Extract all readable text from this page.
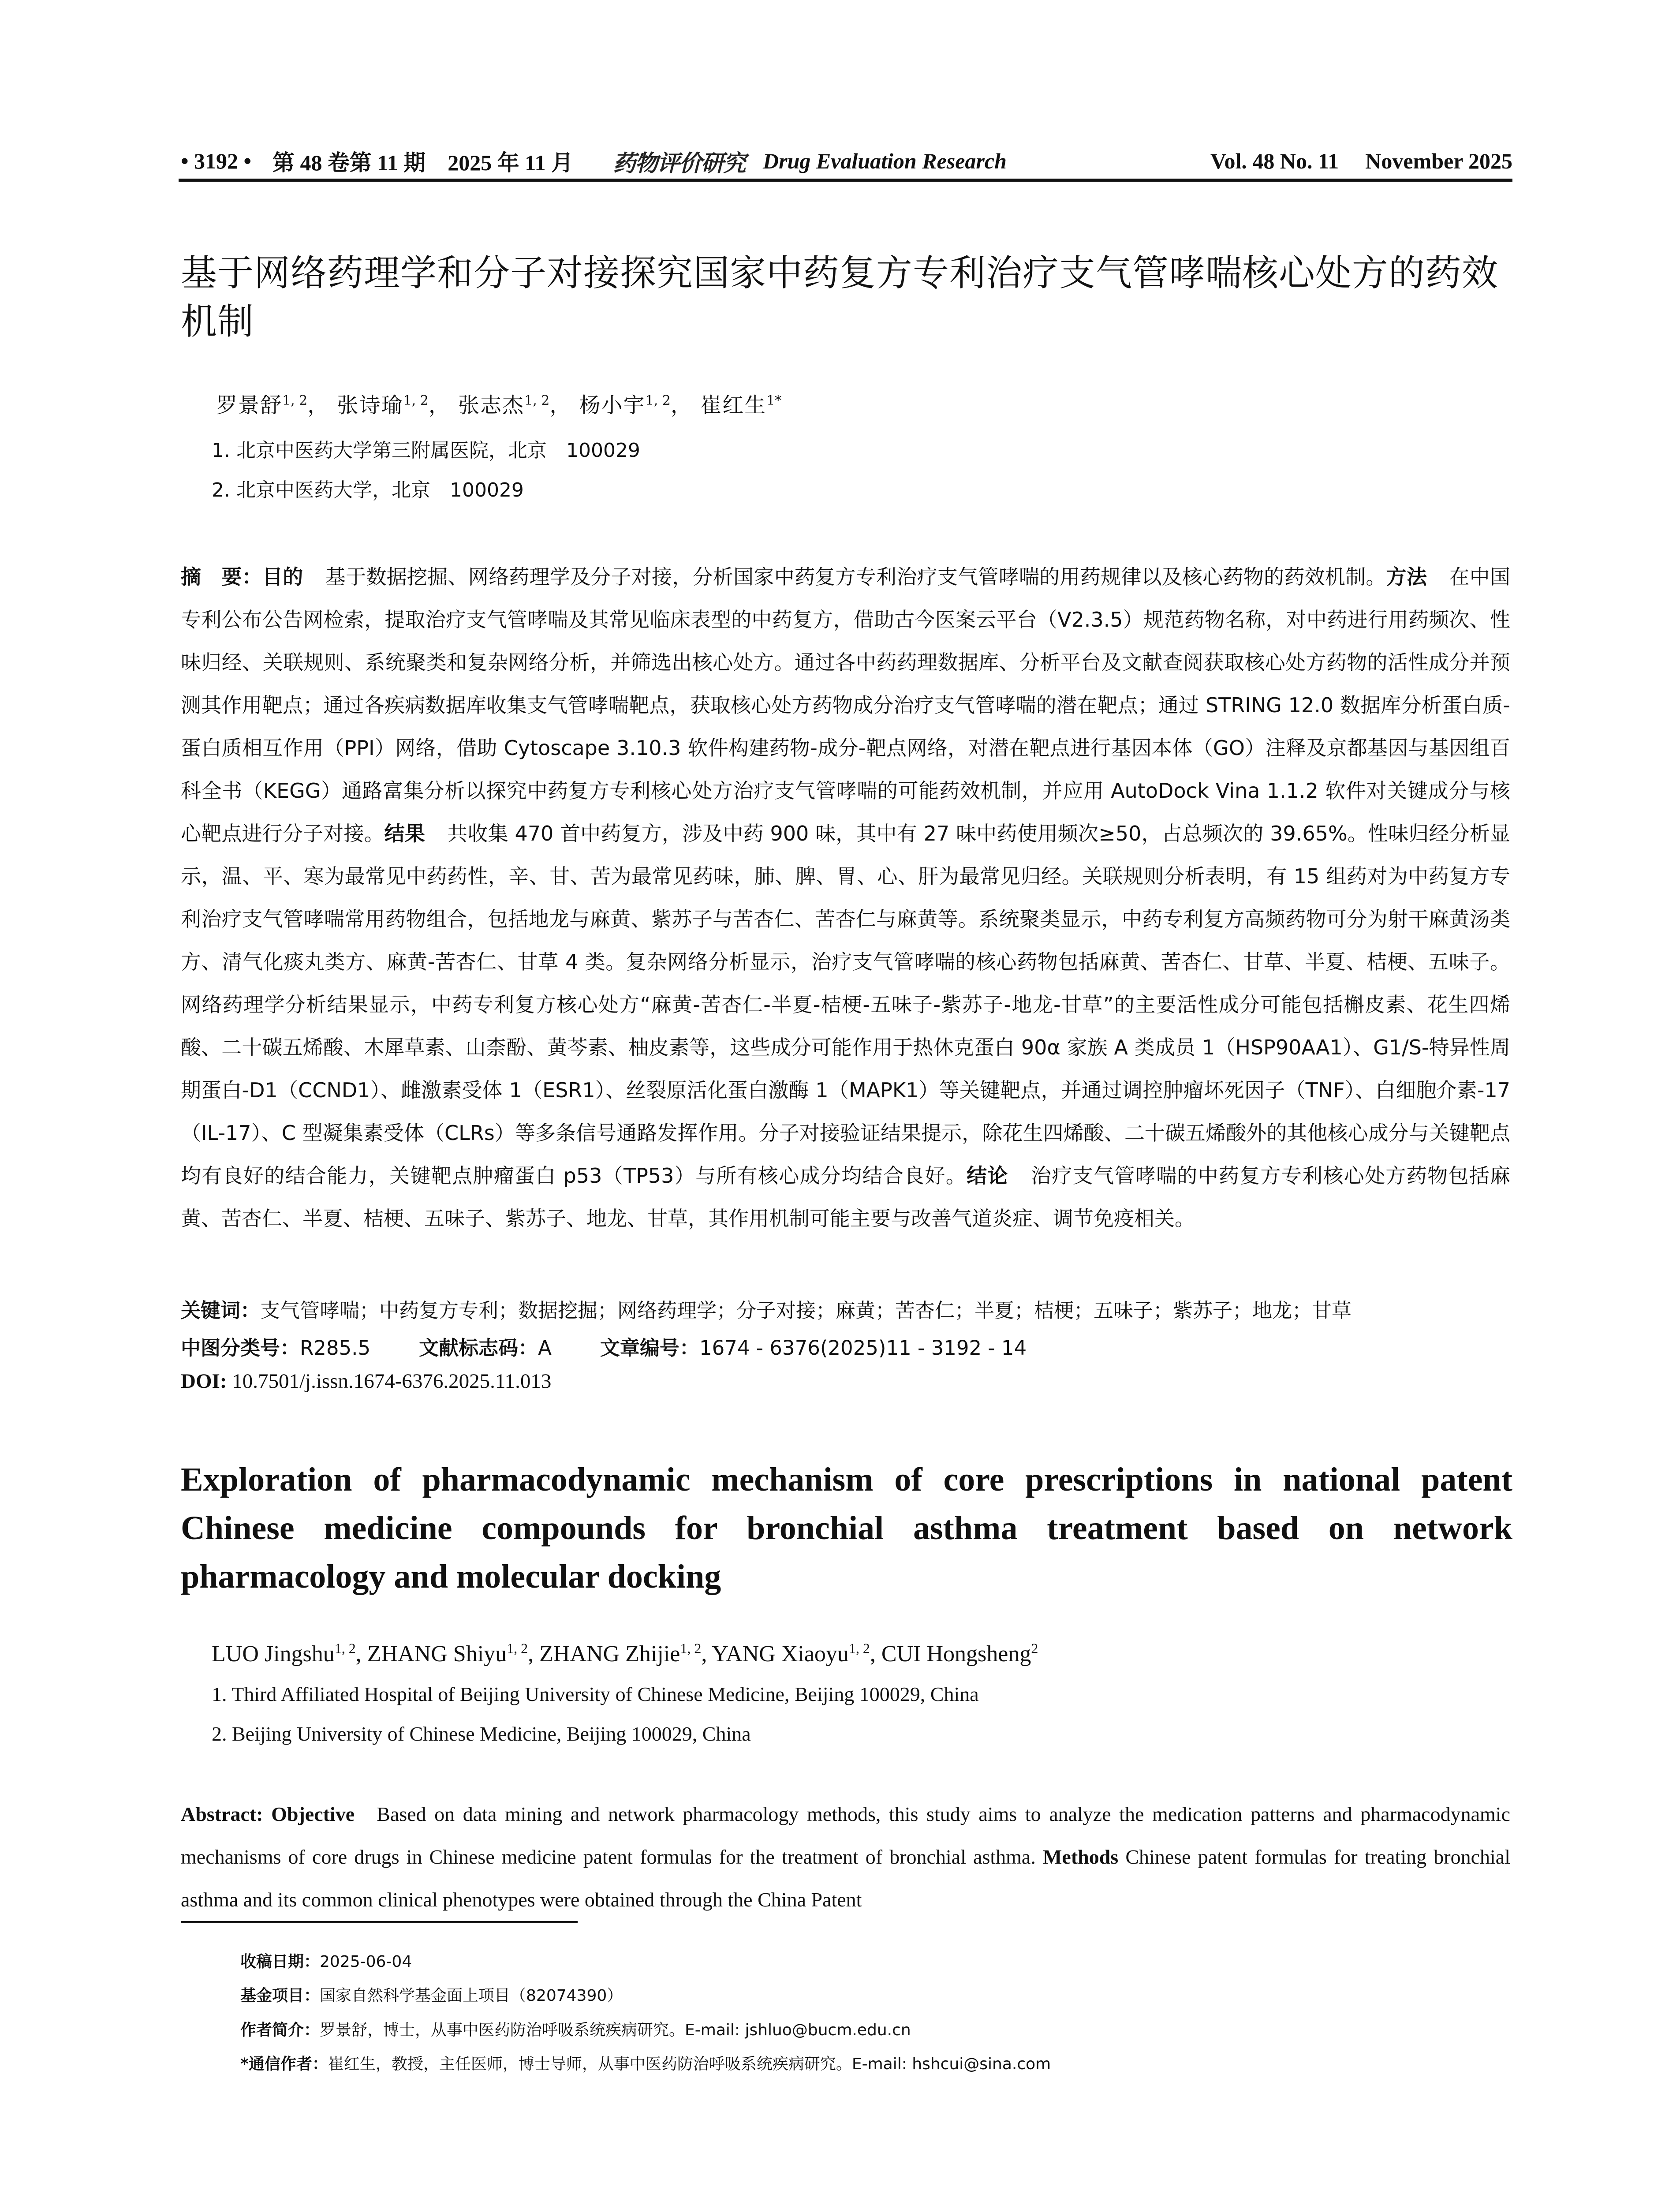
• 3192 • 第 48 卷第 11 期　2025 年 11 月 药物评价研究 Drug Evaluation Research	Vol. 48 No. 11 November 2025
基于网络药理学和分子对接探究国家中药复方专利治疗支气管哮喘核心处方的药效机制
罗景舒$^{1, 2}$， 张诗瑜$^{1, 2}$， 张志杰$^{1, 2}$， 杨小宇$^{1, 2}$， 崔红生$^{1*}$
1. 北京中医药大学第三附属医院，北京　100029
2. 北京中医药大学，北京　100029
摘　要：目的 基于数据挖掘、网络药理学及分子对接，分析国家中药复方专利治疗支气管哮喘的用药规律以及核心药物的药效机制。方法 在中国专利公布公告网检索，提取治疗支气管哮喘及其常见临床表型的中药复方，借助古今医案云平台（V2.3.5）规范药物名称，对中药进行用药频次、性味归经、关联规则、系统聚类和复杂网络分析，并筛选出核心处方。通过各中药药理数据库、分析平台及文献查阅获取核心处方药物的活性成分并预测其作用靶点；通过各疾病数据库收集支气管哮喘靶点，获取核心处方药物成分治疗支气管哮喘的潜在靶点；通过 STRING 12.0 数据库分析蛋白质-蛋白质相互作用（PPI）网络，借助 Cytoscape 3.10.3 软件构建药物-成分-靶点网络，对潜在靶点进行基因本体（GO）注释及京都基因与基因组百科全书（KEGG）通路富集分析以探究中药复方专利核心处方治疗支气管哮喘的可能药效机制，并应用 AutoDock Vina 1.1.2 软件对关键成分与核心靶点进行分子对接。结果 共收集 470 首中药复方，涉及中药 900 味，其中有 27 味中药使用频次≥50，占总频次的 39.65%。性味归经分析显示，温、平、寒为最常见中药药性，辛、甘、苦为最常见药味，肺、脾、胃、心、肝为最常见归经。关联规则分析表明，有 15 组药对为中药复方专利治疗支气管哮喘常用药物组合，包括地龙与麻黄、紫苏子与苦杏仁、苦杏仁与麻黄等。系统聚类显示，中药专利复方高频药物可分为射干麻黄汤类方、清气化痰丸类方、麻黄-苦杏仁、甘草 4 类。复杂网络分析显示，治疗支气管哮喘的核心药物包括麻黄、苦杏仁、甘草、半夏、桔梗、五味子。网络药理学分析结果显示，中药专利复方核心处方“麻黄-苦杏仁-半夏-桔梗-五味子-紫苏子-地龙-甘草”的主要活性成分可能包括槲皮素、花生四烯酸、二十碳五烯酸、木犀草素、山柰酚、黄芩素、柚皮素等，这些成分可能作用于热休克蛋白 90α 家族 A 类成员 1（HSP90AA1）、G1/S-特异性周期蛋白-D1（CCND1）、雌激素受体 1（ESR1）、丝裂原活化蛋白激酶 1（MAPK1）等关键靶点，并通过调控肿瘤坏死因子（TNF）、白细胞介素-17（IL-17）、C 型凝集素受体（CLRs）等多条信号通路发挥作用。分子对接验证结果提示，除花生四烯酸、二十碳五烯酸外的其他核心成分与关键靶点均有良好的结合能力，关键靶点肿瘤蛋白 p53（TP53）与所有核心成分均结合良好。结论 治疗支气管哮喘的中药复方专利核心处方药物包括麻黄、苦杏仁、半夏、桔梗、五味子、紫苏子、地龙、甘草，其作用机制可能主要与改善气道炎症、调节免疫相关。
关键词：支气管哮喘；中药复方专利；数据挖掘；网络药理学；分子对接；麻黄；苦杏仁；半夏；桔梗；五味子；紫苏子；地龙；甘草
中图分类号：R285.5 文献标志码：A 文章编号：1674 - 6376(2025)11 - 3192 - 14
DOI: 10.7501/j.issn.1674-6376.2025.11.013
Exploration of pharmacodynamic mechanism of core prescriptions in national patent Chinese medicine compounds for bronchial asthma treatment based on network pharmacology and molecular docking
LUO Jingshu$^{1, 2}$, ZHANG Shiyu$^{1, 2}$, ZHANG Zhijie$^{1, 2}$, YANG Xiaoyu$^{1, 2}$, CUI Hongsheng$^2$
1. Third Affiliated Hospital of Beijing University of Chinese Medicine, Beijing 100029, China
2. Beijing University of Chinese Medicine, Beijing 100029, China
Abstract: Objective Based on data mining and network pharmacology methods, this study aims to analyze the medication patterns and pharmacodynamic mechanisms of core drugs in Chinese medicine patent formulas for the treatment of bronchial asthma. Methods Chinese patent formulas for treating bronchial asthma and its common clinical phenotypes were obtained through the China Patent
收稿日期：2025-06-04
基金项目：国家自然科学基金面上项目（82074390）
作者简介：罗景舒，博士，从事中医药防治呼吸系统疾病研究。E-mail: jshluo@bucm.edu.cn
*通信作者：崔红生，教授，主任医师，博士导师，从事中医药防治呼吸系统疾病研究。E-mail: hshcui@sina.com
